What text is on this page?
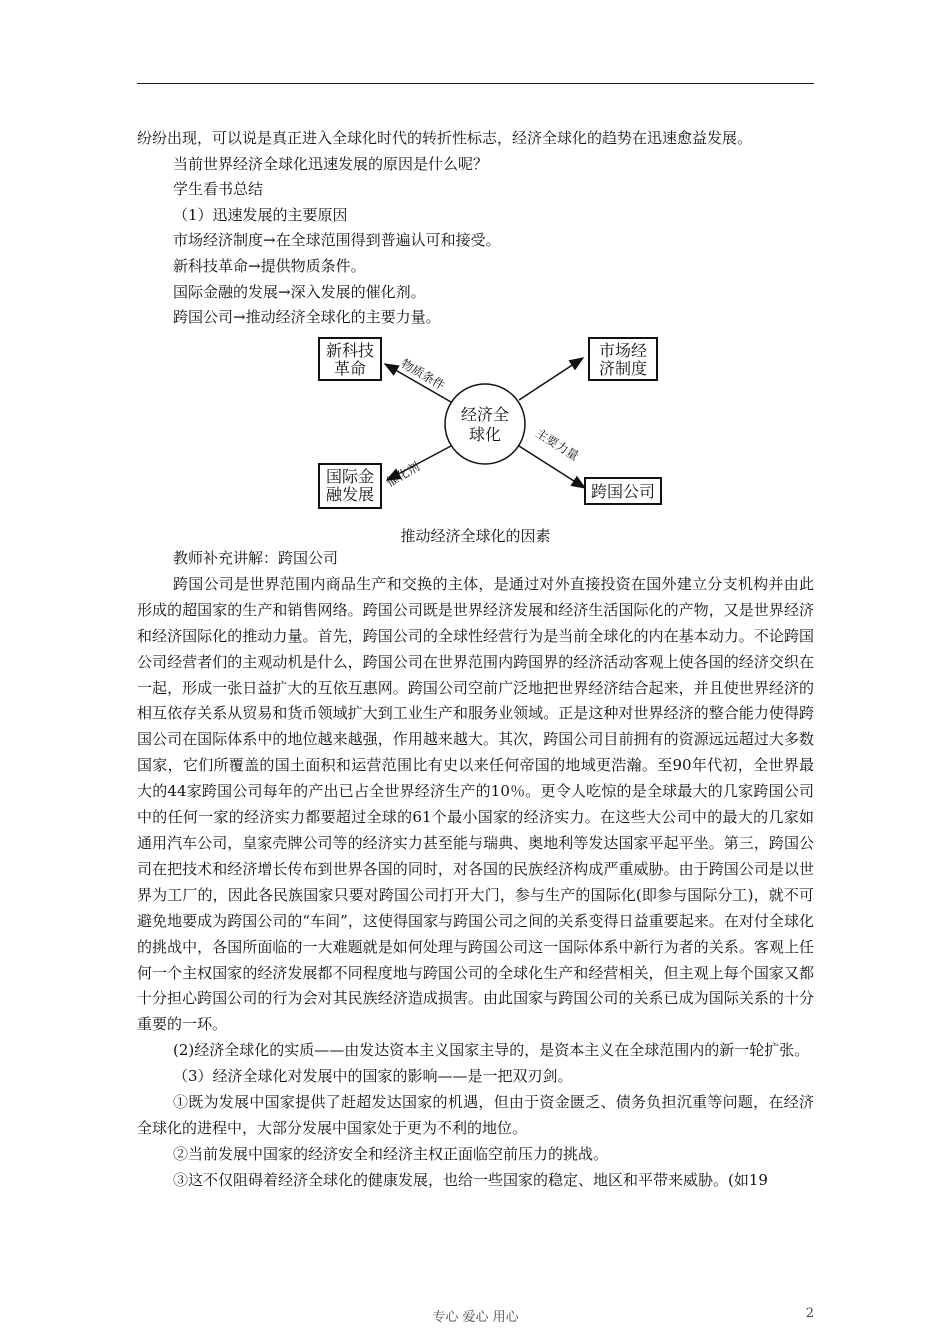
纷纷出现，可以说是真正进入全球化时代的转折性标志，经济全球化的趋势在迅速愈益发展。

当前世界经济全球化迅速发展的原因是什么呢？

学生看书总结

（1）迅速发展的主要原因

市场经济制度→在全球范围得到普遍认可和接受。

新科技革命→提供物质条件。

国际金融的发展→深入发展的催化剂。

跨国公司→推动经济全球化的主要力量。

经济全
球化
新科技
革命
市场经
济制度
国际金
融发展	跨国公司
物质条件
催化剂
主要力量
推动经济全球化的因素

教师补充讲解：跨国公司

跨国公司是世界范围内商品生产和交换的主体，是通过对外直接投资在国外建立分支机构并由此形成的超国家的生产和销售网络。跨国公司既是世界经济发展和经济生活国际化的产物，又是世界经济和经济国际化的推动力量。首先，跨国公司的全球性经营行为是当前全球化的内在基本动力。不论跨国公司经营者们的主观动机是什么，跨国公司在世界范围内跨国界的经济活动客观上使各国的经济交织在一起，形成一张日益扩大的互依互惠网。跨国公司空前广泛地把世界经济结合起来，并且使世界经济的相互依存关系从贸易和货币领域扩大到工业生产和服务业领域。正是这种对世界经济的整合能力使得跨国公司在国际体系中的地位越来越强，作用越来越大。其次，跨国公司目前拥有的资源远远超过大多数国家，它们所覆盖的国土面积和运营范围比有史以来任何帝国的地域更浩瀚。至90年代初，全世界最大的44家跨国公司每年的产出已占全世界经济生产的10％。更令人吃惊的是全球最大的几家跨国公司中的任何一家的经济实力都要超过全球的61个最小国家的经济实力。在这些大公司中的最大的几家如通用汽车公司，皇家壳牌公司等的经济实力甚至能与瑞典、奥地利等发达国家平起平坐。第三，跨国公司在把技术和经济增长传布到世界各国的同时，对各国的民族经济构成严重威胁。由于跨国公司是以世界为工厂的，因此各民族国家只要对跨国公司打开大门，参与生产的国际化(即参与国际分工)，就不可避免地要成为跨国公司的“车间”，这使得国家与跨国公司之间的关系变得日益重要起来。在对付全球化的挑战中，各国所面临的一大难题就是如何处理与跨国公司这一国际体系中新行为者的关系。客观上任何一个主权国家的经济发展都不同程度地与跨国公司的全球化生产和经营相关，但主观上每个国家又都十分担心跨国公司的行为会对其民族经济造成损害。由此国家与跨国公司的关系已成为国际关系的十分重要的一环。

(2)经济全球化的实质——由发达资本主义国家主导的，是资本主义在全球范围内的新一轮扩张。

（3）经济全球化对发展中的国家的影响——是一把双刃剑。

①既为发展中国家提供了赶超发达国家的机遇，但由于资金匮乏、债务负担沉重等问题，在经济全球化的进程中，大部分发展中国家处于更为不利的地位。

②当前发展中国家的经济安全和经济主权正面临空前压力的挑战。

③这不仅阻碍着经济全球化的健康发展，也给一些国家的稳定、地区和平带来威胁。(如19

专心 爱心 用心	2
